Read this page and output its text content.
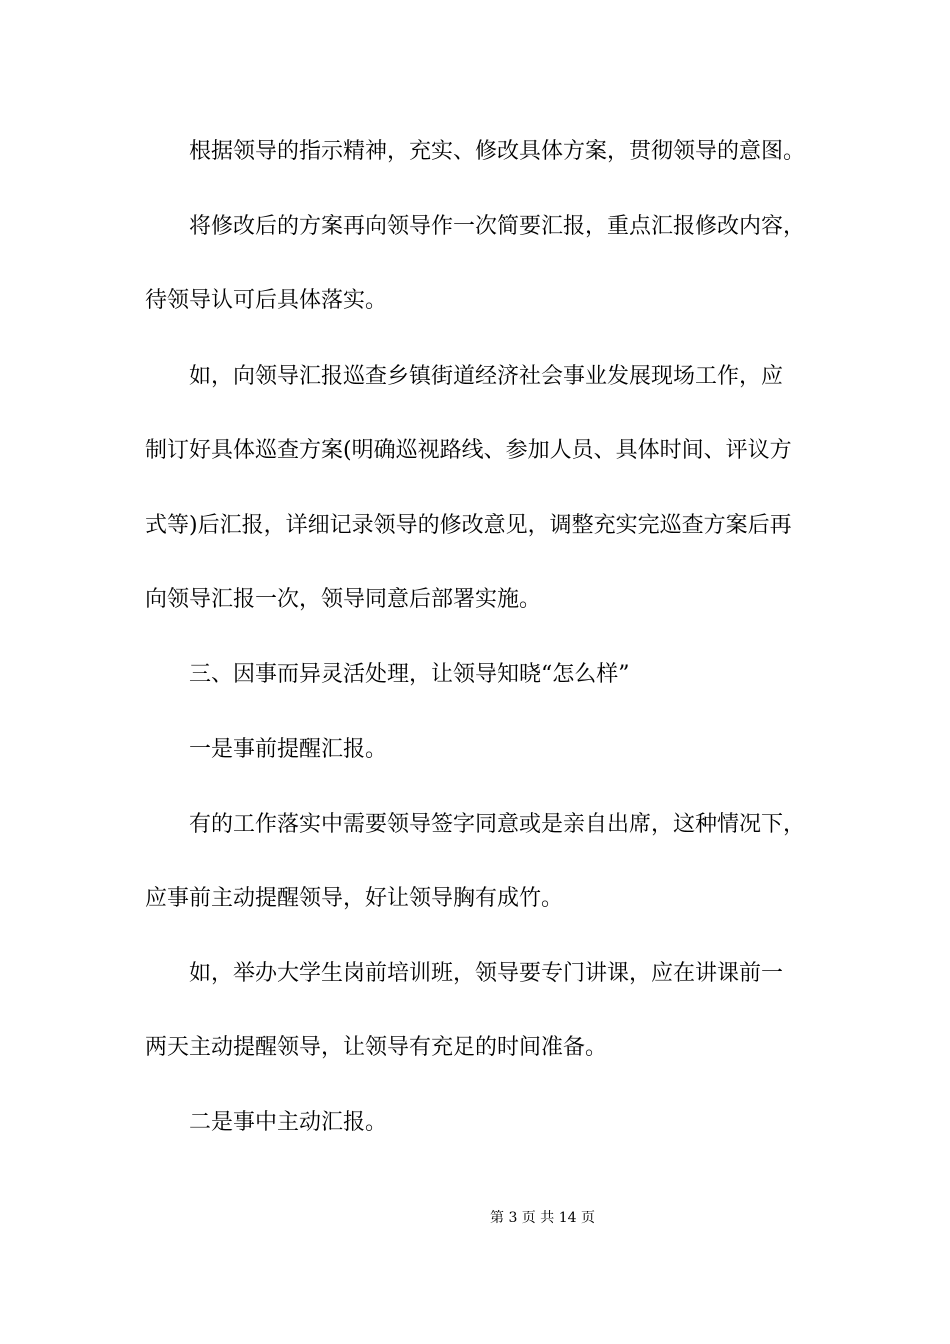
根据领导的指示精神，充实、修改具体方案，贯彻领导的意图。
将修改后的方案再向领导作一次简要汇报，重点汇报修改内容，
待领导认可后具体落实。
如，向领导汇报巡查乡镇街道经济社会事业发展现场工作，应
制订好具体巡查方案(明确巡视路线、参加人员、具体时间、评议方
式等)后汇报，详细记录领导的修改意见，调整充实完巡查方案后再
向领导汇报一次，领导同意后部署实施。
三、因事而异灵活处理，让领导知晓“怎么样”
一是事前提醒汇报。
有的工作落实中需要领导签字同意或是亲自出席，这种情况下，
应事前主动提醒领导，好让领导胸有成竹。
如，举办大学生岗前培训班，领导要专门讲课，应在讲课前一
两天主动提醒领导，让领导有充足的时间准备。
二是事中主动汇报。
第 3 页 共 14 页
